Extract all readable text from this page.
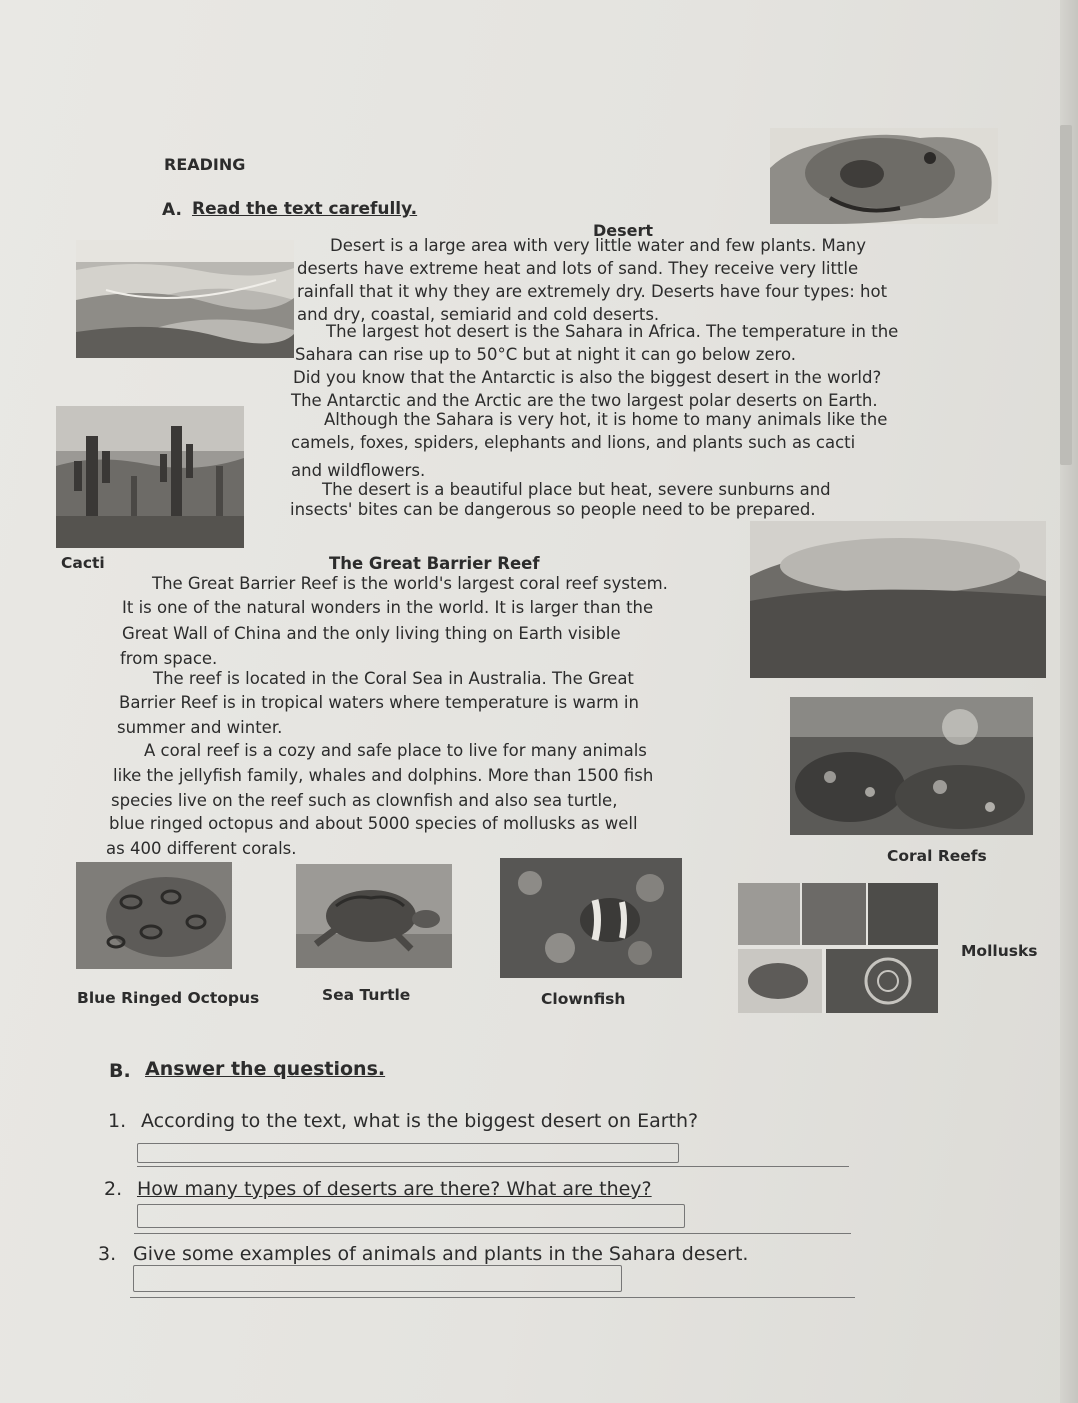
READING
A. Read the text carefully.
Desert
Desert is a large area with very little water and few plants. Many
deserts have extreme heat and lots of sand. They receive very little
rainfall that it why they are extremely dry. Deserts have four types: hot
and dry, coastal, semiarid and cold deserts.
The largest hot desert is the Sahara in Africa. The temperature in the
Sahara can rise up to 50°C but at night it can go below zero.
Did you know that the Antarctic is also the biggest desert in the world?
The Antarctic and the Arctic are the two largest polar deserts on Earth.
Although the Sahara is very hot, it is home to many animals like the
camels, foxes, spiders, elephants and lions, and plants such as cacti
and wildflowers.
The desert is a beautiful place but heat, severe sunburns and
insects' bites can be dangerous so people need to be prepared.
Cacti	The Great Barrier Reef
The Great Barrier Reef is the world's largest coral reef system.
It is one of the natural wonders in the world. It is larger than the
Great Wall of China and the only living thing on Earth visible
from space.
The reef is located in the Coral Sea in Australia. The Great
Barrier Reef is in tropical waters where temperature is warm in
summer and winter.
A coral reef is a cozy and safe place to live for many animals
like the jellyfish family, whales and dolphins. More than 1500 fish
species live on the reef such as clownfish and also sea turtle,
blue ringed octopus and about 5000 species of mollusks as well
as 400 different corals.	Coral Reefs
Blue Ringed Octopus	Sea Turtle	Clownfish
Mollusks
B. Answer the questions.
1. According to the text, what is the biggest desert on Earth?
2. How many types of deserts are there? What are they?
3. Give some examples of animals and plants in the Sahara desert.
